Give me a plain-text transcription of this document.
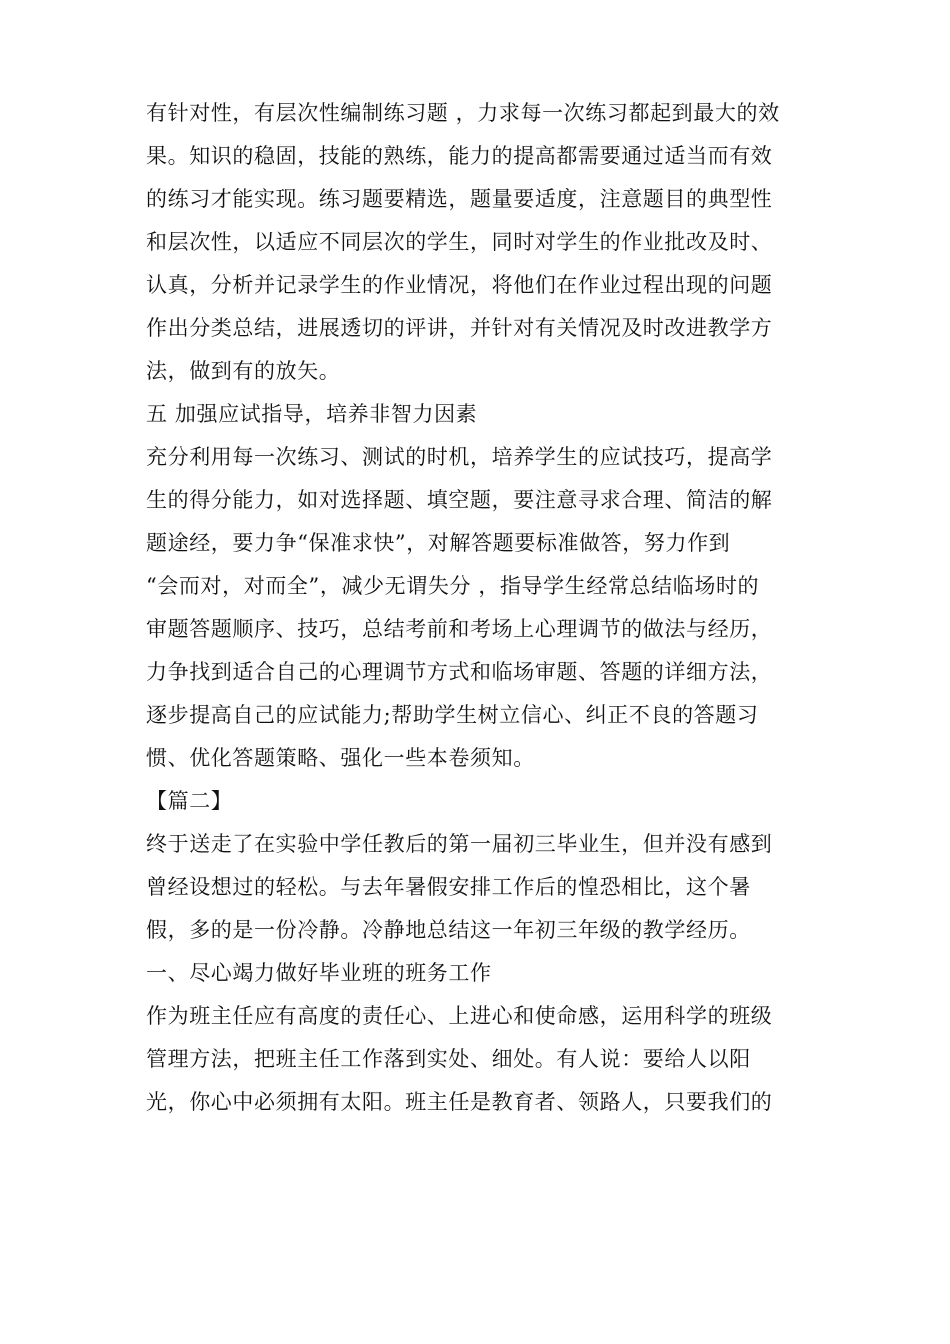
有针对性，有层次性编制练习题 ，力求每一次练习都起到最大的效
果。知识的稳固，技能的熟练，能力的提高都需要通过适当而有效
的练习才能实现。练习题要精选，题量要适度，注意题目的典型性
和层次性，以适应不同层次的学生，同时对学生的作业批改及时、
认真，分析并记录学生的作业情况，将他们在作业过程出现的问题
作出分类总结，进展透切的评讲，并针对有关情况及时改进教学方
法，做到有的放矢。
五 加强应试指导，培养非智力因素
充分利用每一次练习、测试的时机，培养学生的应试技巧，提高学
生的得分能力，如对选择题、填空题，要注意寻求合理、简洁的解
题途经，要力争“保准求快”，对解答题要标准做答，努力作到
“会而对，对而全”，减少无谓失分 ，指导学生经常总结临场时的
审题答题顺序、技巧，总结考前和考场上心理调节的做法与经历，
力争找到适合自己的心理调节方式和临场审题、答题的详细方法，
逐步提高自己的应试能力;帮助学生树立信心、纠正不良的答题习
惯、优化答题策略、强化一些本卷须知。
【篇二】
终于送走了在实验中学任教后的第一届初三毕业生，但并没有感到
曾经设想过的轻松。与去年暑假安排工作后的惶恐相比，这个暑
假，多的是一份冷静。冷静地总结这一年初三年级的教学经历。
一、尽心竭力做好毕业班的班务工作
作为班主任应有高度的责任心、上进心和使命感，运用科学的班级
管理方法，把班主任工作落到实处、细处。有人说：要给人以阳
光，你心中必须拥有太阳。班主任是教育者、领路人，只要我们的
